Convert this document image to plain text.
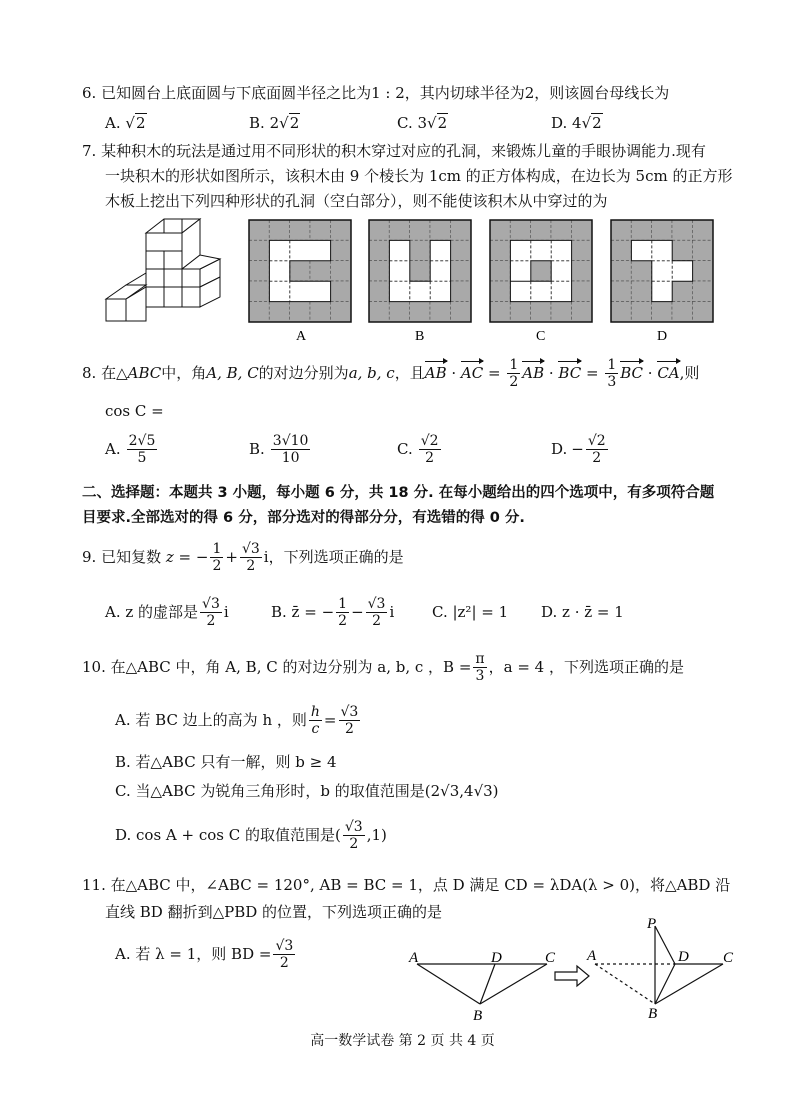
6. 已知圆台上底面圆与下底面圆半径之比为1 : 2，其内切球半径为2，则该圆台母线长为
A. √2	B. 2√2	C. 3√2	D. 4√2
7. 某种积木的玩法是通过用不同形状的积木穿过对应的孔洞，来锻炼儿童的手眼协调能力.现有
一块积木的形状如图所示，该积木由 9 个棱长为 1cm 的正方体构成，在边长为 5cm 的正方形
木板上挖出下列四种形状的孔洞（空白部分），则不能使该积木从中穿过的为
A	B	C	D
8. 在 △ABC 中，角 A, B, C 的对边分别为 a, b, c ，且 AB · AC = $\frac{1}{2}$ AB · BC = $\frac{1}{3}$ BC · CA ,则
cos C =
A. $\frac{2√5}{5}$	B. $\frac{3√10}{10}$	C. $\frac{√2}{2}$	D. − $\frac{√2}{2}$
二、选择题：本题共 3 小题，每小题 6 分，共 18 分. 在每小题给出的四个选项中，有多项符合题
目要求.全部选对的得 6 分，部分选对的得部分分，有选错的得 0 分.
9. 已知复数
z = − $\frac{1}{2} + \frac{√3}{2}$ i ，下列选项正确的是
A. z 的虚部是 $\frac{√3}{2}$ i	B. z̄ = − $\frac{1}{2} - \frac{√3}{2}$ i	C. |z²| = 1 D. z · z̄ = 1
10. 在△ABC 中，角 A, B, C 的对边分别为 a, b, c ，$B = \frac{\pi}{3}$ ，a = 4 ，下列选项正确的是
A. 若 BC 边上的高为 h ，则 $\frac{h}{c} = \frac{√3}{2}$
B. 若△ABC 只有一解，则 b ≥ 4
C. 当△ABC 为锐角三角形时，b 的取值范围是(2√3,4√3)
D. cos A + cos C 的取值范围是( $\frac{√3}{2} ,1$)
11. 在△ABC 中，∠ABC = 120°, AB = BC = 1，点 D 满足 CD = λDA(λ > 0)，将△ABD 沿
直线 BD 翻折到△PBD 的位置，下列选项正确的是
A. 若 λ = 1，则 BD = $\frac{√3}{2}$	A	D	C
B
A	D C
P
B
高一数学试卷 第 2 页 共 4 页
